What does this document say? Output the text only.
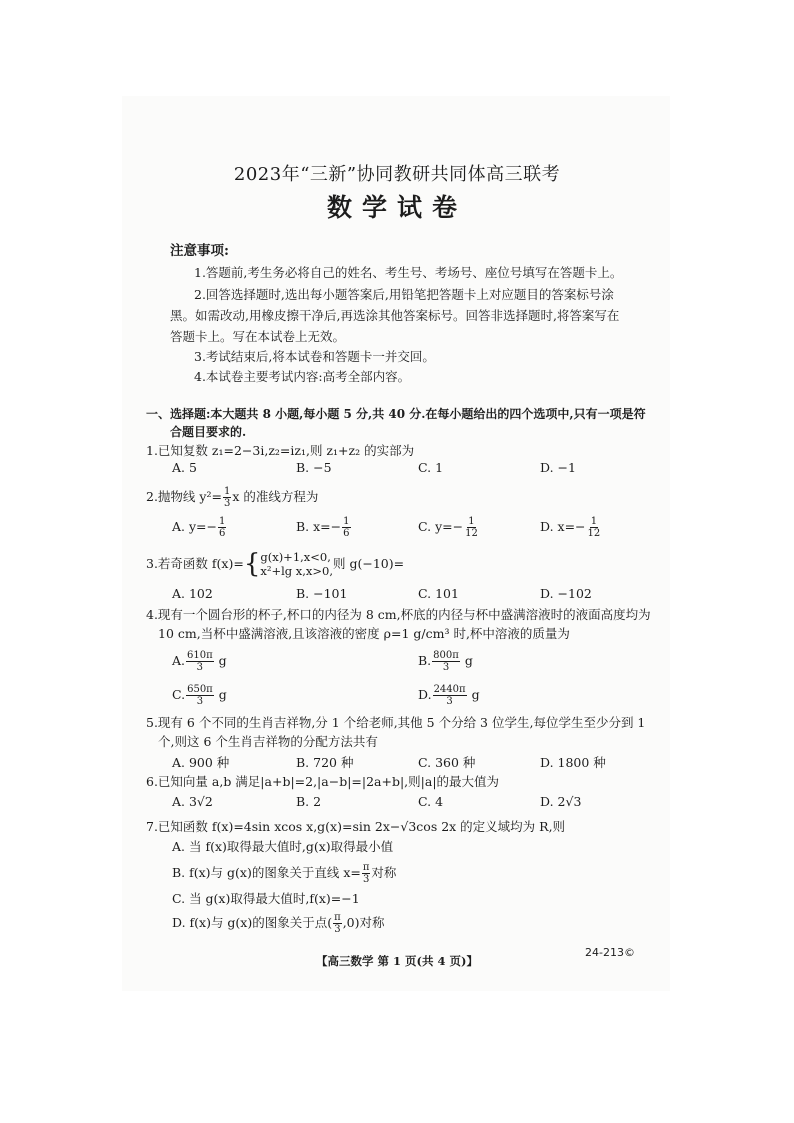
2023年“三新”协同教研共同体高三联考
数学试卷
注意事项:
1.答题前,考生务必将自己的姓名、考生号、考场号、座位号填写在答题卡上。
2.回答选择题时,选出每小题答案后,用铅笔把答题卡上对应题目的答案标号涂
黑。如需改动,用橡皮擦干净后,再选涂其他答案标号。回答非选择题时,将答案写在
答题卡上。写在本试卷上无效。
3.考试结束后,将本试卷和答题卡一并交回。
4.本试卷主要考试内容:高考全部内容。
一、选择题:本大题共 8 小题,每小题 5 分,共 40 分.在每小题给出的四个选项中,只有一项是符
合题目要求的.
1.已知复数 z₁=2−3i,z₂=iz₁,则 z₁+z₂ 的实部为
A. 5	B. −5	C. 1	D. −1
2.抛物线 $y^2= \frac{1}{3}$ x 的准线方程为
A. $y=- \frac{1}{6}$	B. $x=- \frac{1}{6}$	C. $y=- \frac{1}{12}$	D. $x=- \frac{1}{12}$
3.若奇函数 f(x)={ g(x)+1,x<0,
x²+lg x,x>0, 则 g(−10)=
A. 102	B. −101	C. 101	D. −102
4.现有一个圆台形的杯子,杯口的内径为 8 cm,杯底的内径与杯中盛满溶液时的液面高度均为
10 cm,当杯中盛满溶液,且该溶液的密度 ρ=1 g/cm³ 时,杯中溶液的质量为
A. $\frac{610\pi}{3}$ g	B. $\frac{800\pi}{3}$ g
C. $\frac{650\pi}{3}$ g	D. $\frac{2440\pi}{3}$ g
5.现有 6 个不同的生肖吉祥物,分 1 个给老师,其他 5 个分给 3 位学生,每位学生至少分到 1
个,则这 6 个生肖吉祥物的分配方法共有
A. 900 种	B. 720 种	C. 360 种	D. 1800 种
6.已知向量 a,b 满足|a+b|=2,|a−b|=|2a+b|,则|a|的最大值为
A. 3√2	B. 2	C. 4	D. 2√3
7.已知函数 f(x)=4sin xcos x,g(x)=sin 2x−√3cos 2x 的定义域均为 R,则
A. 当 f(x)取得最大值时,g(x)取得最小值
B. f(x)与 g(x)的图象关于直线 $x= \frac{\pi}{3}$ 对称
C. 当 g(x)取得最大值时,f(x)=−1
D. f(x)与 g(x)的图象关于点( $\frac{\pi}{3} ,0$)对称
【高三数学 第 1 页(共 4 页)】
24-213©
